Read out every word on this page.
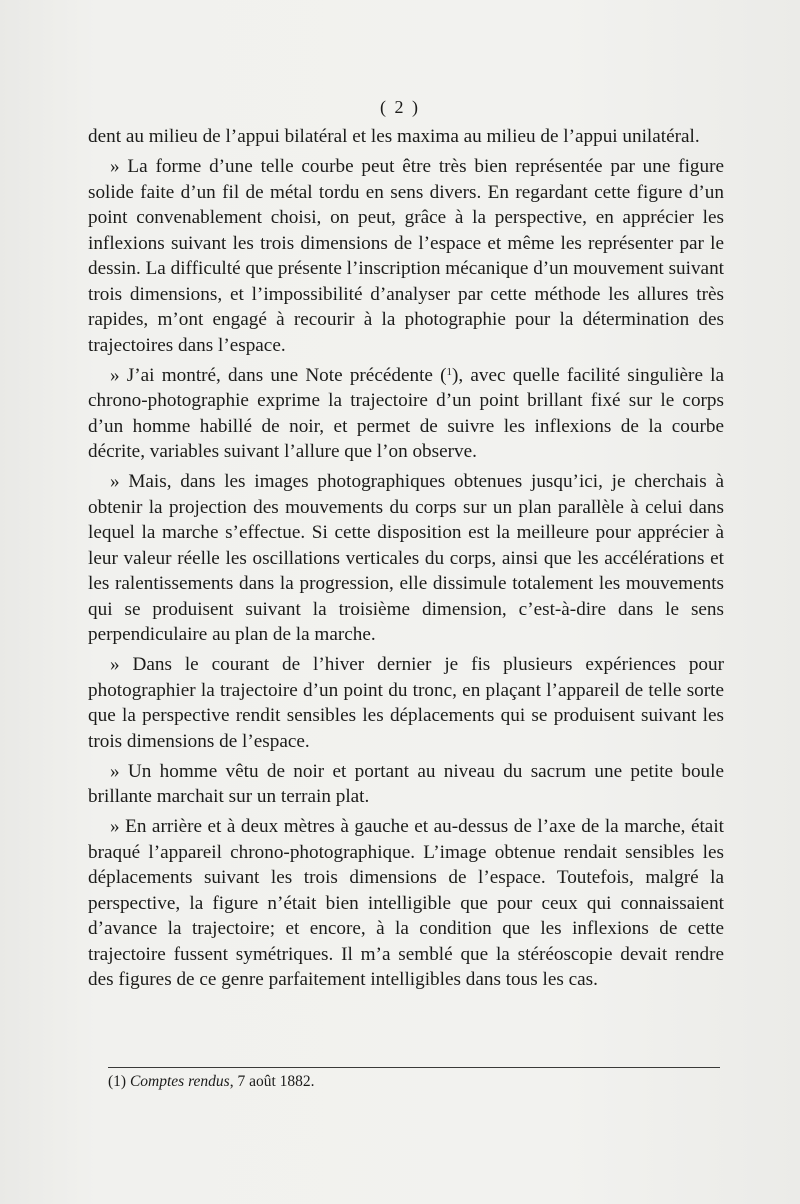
( 2 )

dent au milieu de l’appui bilatéral et les maxima au milieu de l’appui unilatéral.

» La forme d’une telle courbe peut être très bien représentée par une figure solide faite d’un fil de métal tordu en sens divers. En regardant cette figure d’un point convenablement choisi, on peut, grâce à la perspective, en apprécier les inflexions suivant les trois dimensions de l’espace et même les représenter par le dessin. La difficulté que présente l’inscription mécanique d’un mouvement suivant trois dimensions, et l’impossibilité d’analyser par cette méthode les allures très rapides, m’ont engagé à recourir à la photographie pour la détermination des trajectoires dans l’espace.

» J’ai montré, dans une Note précédente ($^1$), avec quelle facilité singulière la chrono-photographie exprime la trajectoire d’un point brillant fixé sur le corps d’un homme habillé de noir, et permet de suivre les inflexions de la courbe décrite, variables suivant l’allure que l’on observe.

» Mais, dans les images photographiques obtenues jusqu’ici, je cherchais à obtenir la projection des mouvements du corps sur un plan parallèle à celui dans lequel la marche s’effectue. Si cette disposition est la meilleure pour apprécier à leur valeur réelle les oscillations verticales du corps, ainsi que les accélérations et les ralentissements dans la progression, elle dissimule totalement les mouvements qui se produisent suivant la troisième dimension, c’est-à-dire dans le sens perpendiculaire au plan de la marche.

» Dans le courant de l’hiver dernier je fis plusieurs expériences pour photographier la trajectoire d’un point du tronc, en plaçant l’appareil de telle sorte que la perspective rendit sensibles les déplacements qui se produisent suivant les trois dimensions de l’espace.

» Un homme vêtu de noir et portant au niveau du sacrum une petite boule brillante marchait sur un terrain plat.

» En arrière et à deux mètres à gauche et au-dessus de l’axe de la marche, était braqué l’appareil chrono-photographique. L’image obtenue rendait sensibles les déplacements suivant les trois dimensions de l’espace. Toutefois, malgré la perspective, la figure n’était bien intelligible que pour ceux qui connaissaient d’avance la trajectoire; et encore, à la condition que les inflexions de cette trajectoire fussent symétriques. Il m’a semblé que la stéréoscopie devait rendre des figures de ce genre parfaitement intelligibles dans tous les cas.

(1) Comptes rendus, 7 août 1882.
